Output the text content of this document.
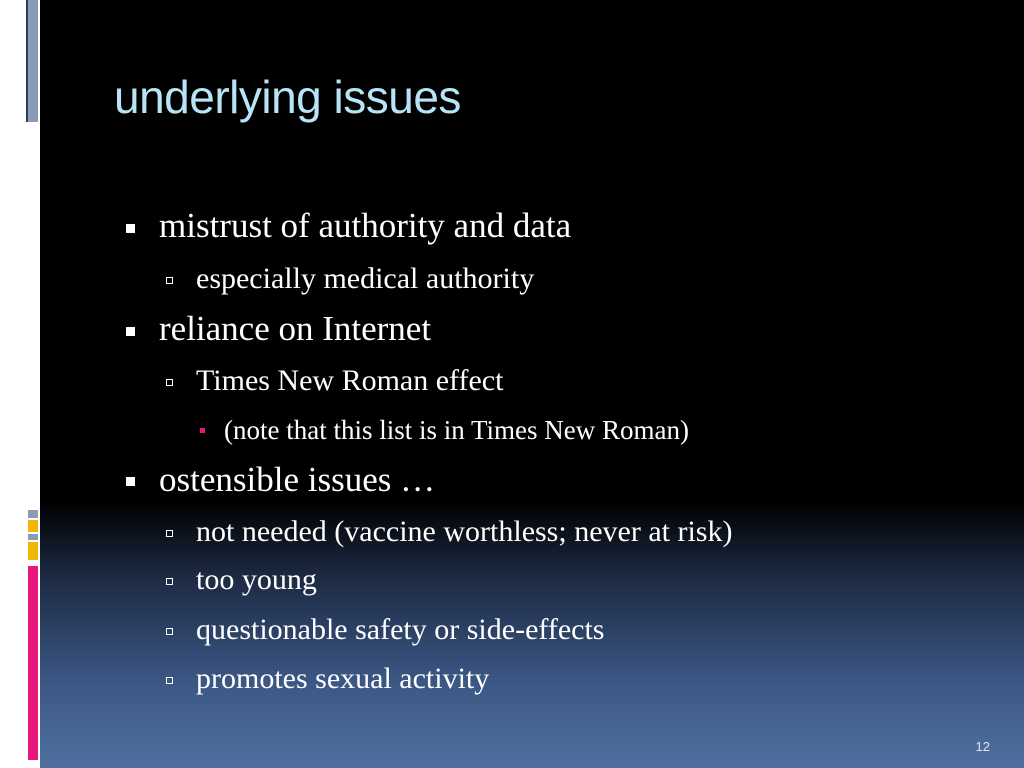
underlying issues
mistrust of authority and data
especially medical authority
reliance on Internet
Times New Roman effect
(note that this list is in Times New Roman)
ostensible issues …
not needed (vaccine worthless; never at risk)
too young
questionable safety or side-effects
promotes sexual activity
12
